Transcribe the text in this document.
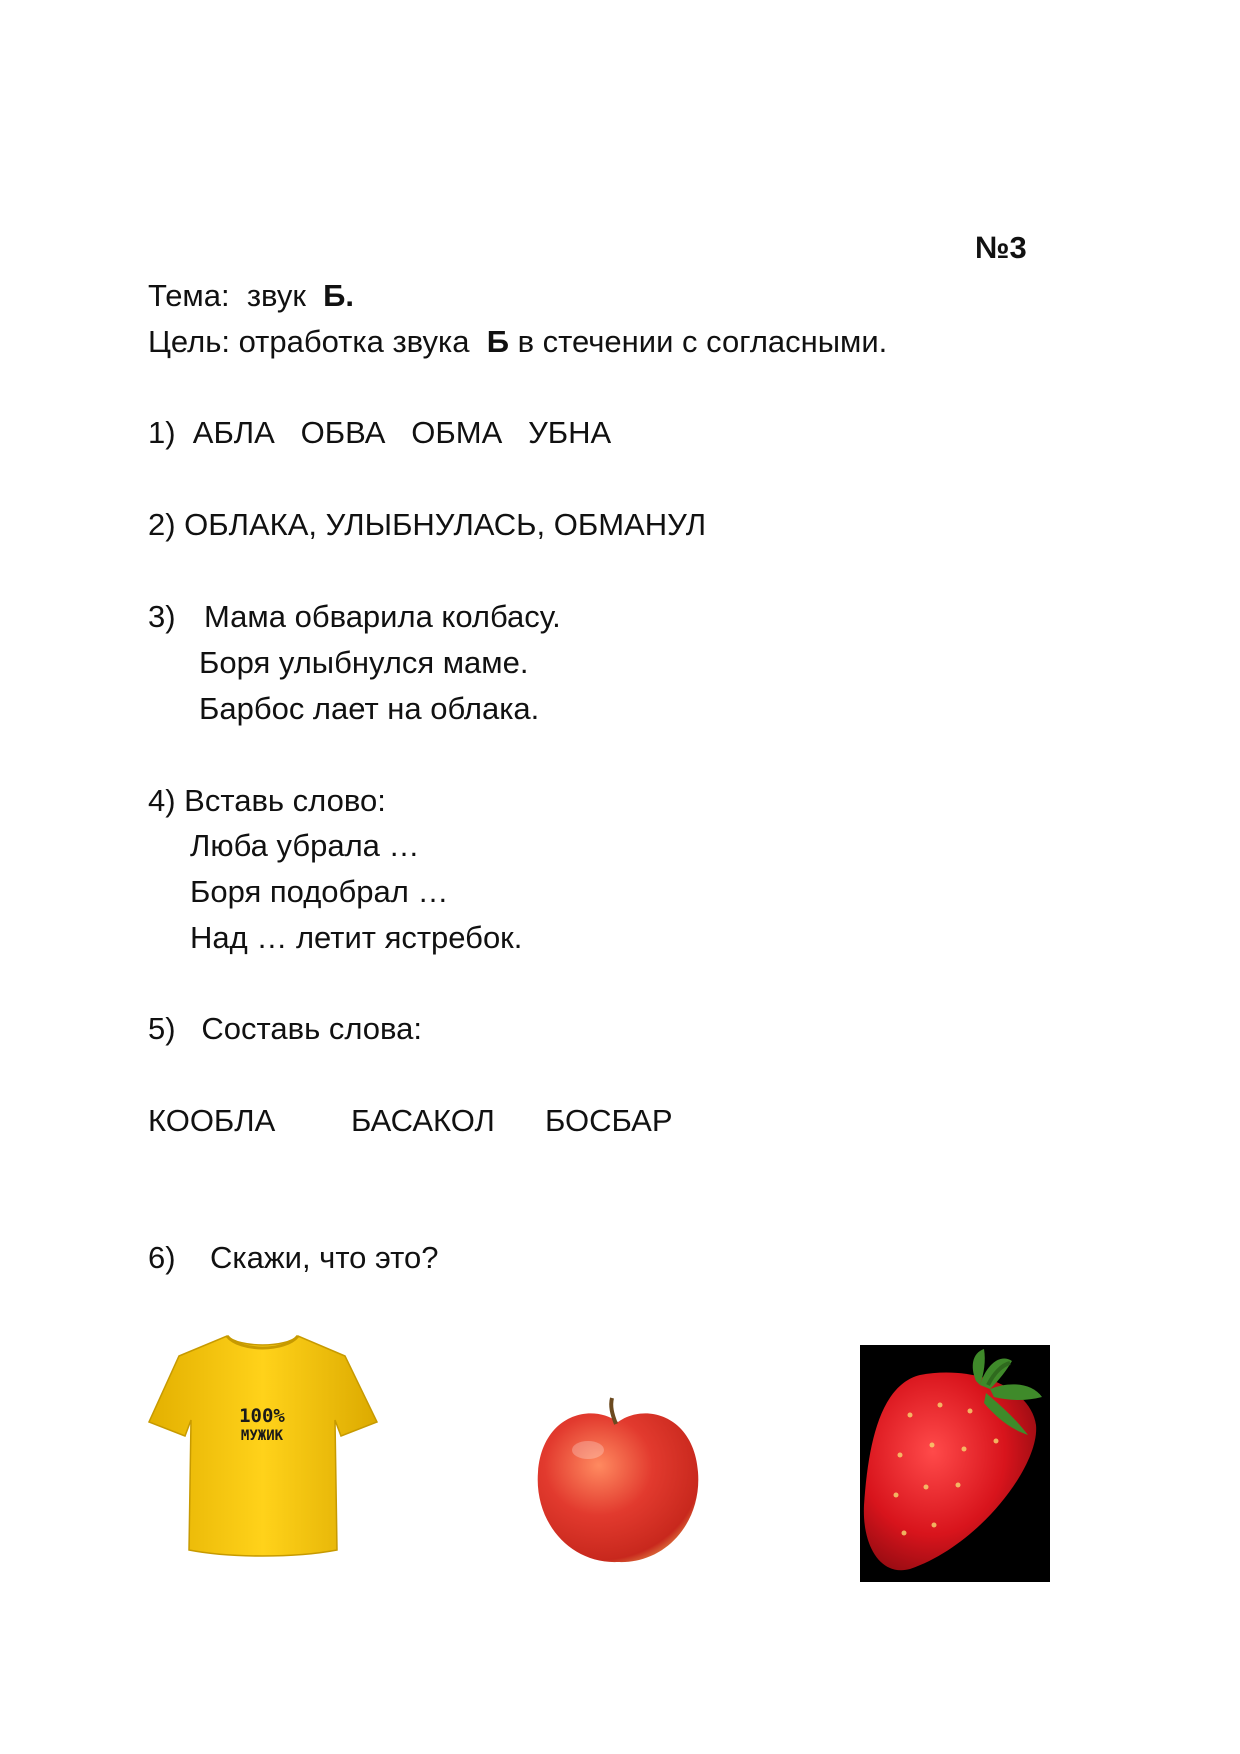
№3
Тема:  звук Б.
Цель: отработка звука Б в стечении с согласными.
1)  АБЛА   ОБВА   ОБМА   УБНА
2) ОБЛАКА, УЛЫБНУЛАСЬ, ОБМАНУЛ
3) Мама обварила колбасу.
Боря улыбнулся маме.
Барбос лает на облака.
4) Вставь слово:
Люба убрала …
Боря подобрал …
Над … летит ястребок.
5)   Составь слова:
КООБЛА БАСАКОЛ БОСБАР
6)    Скажи, что это?
100%
МУЖИК
